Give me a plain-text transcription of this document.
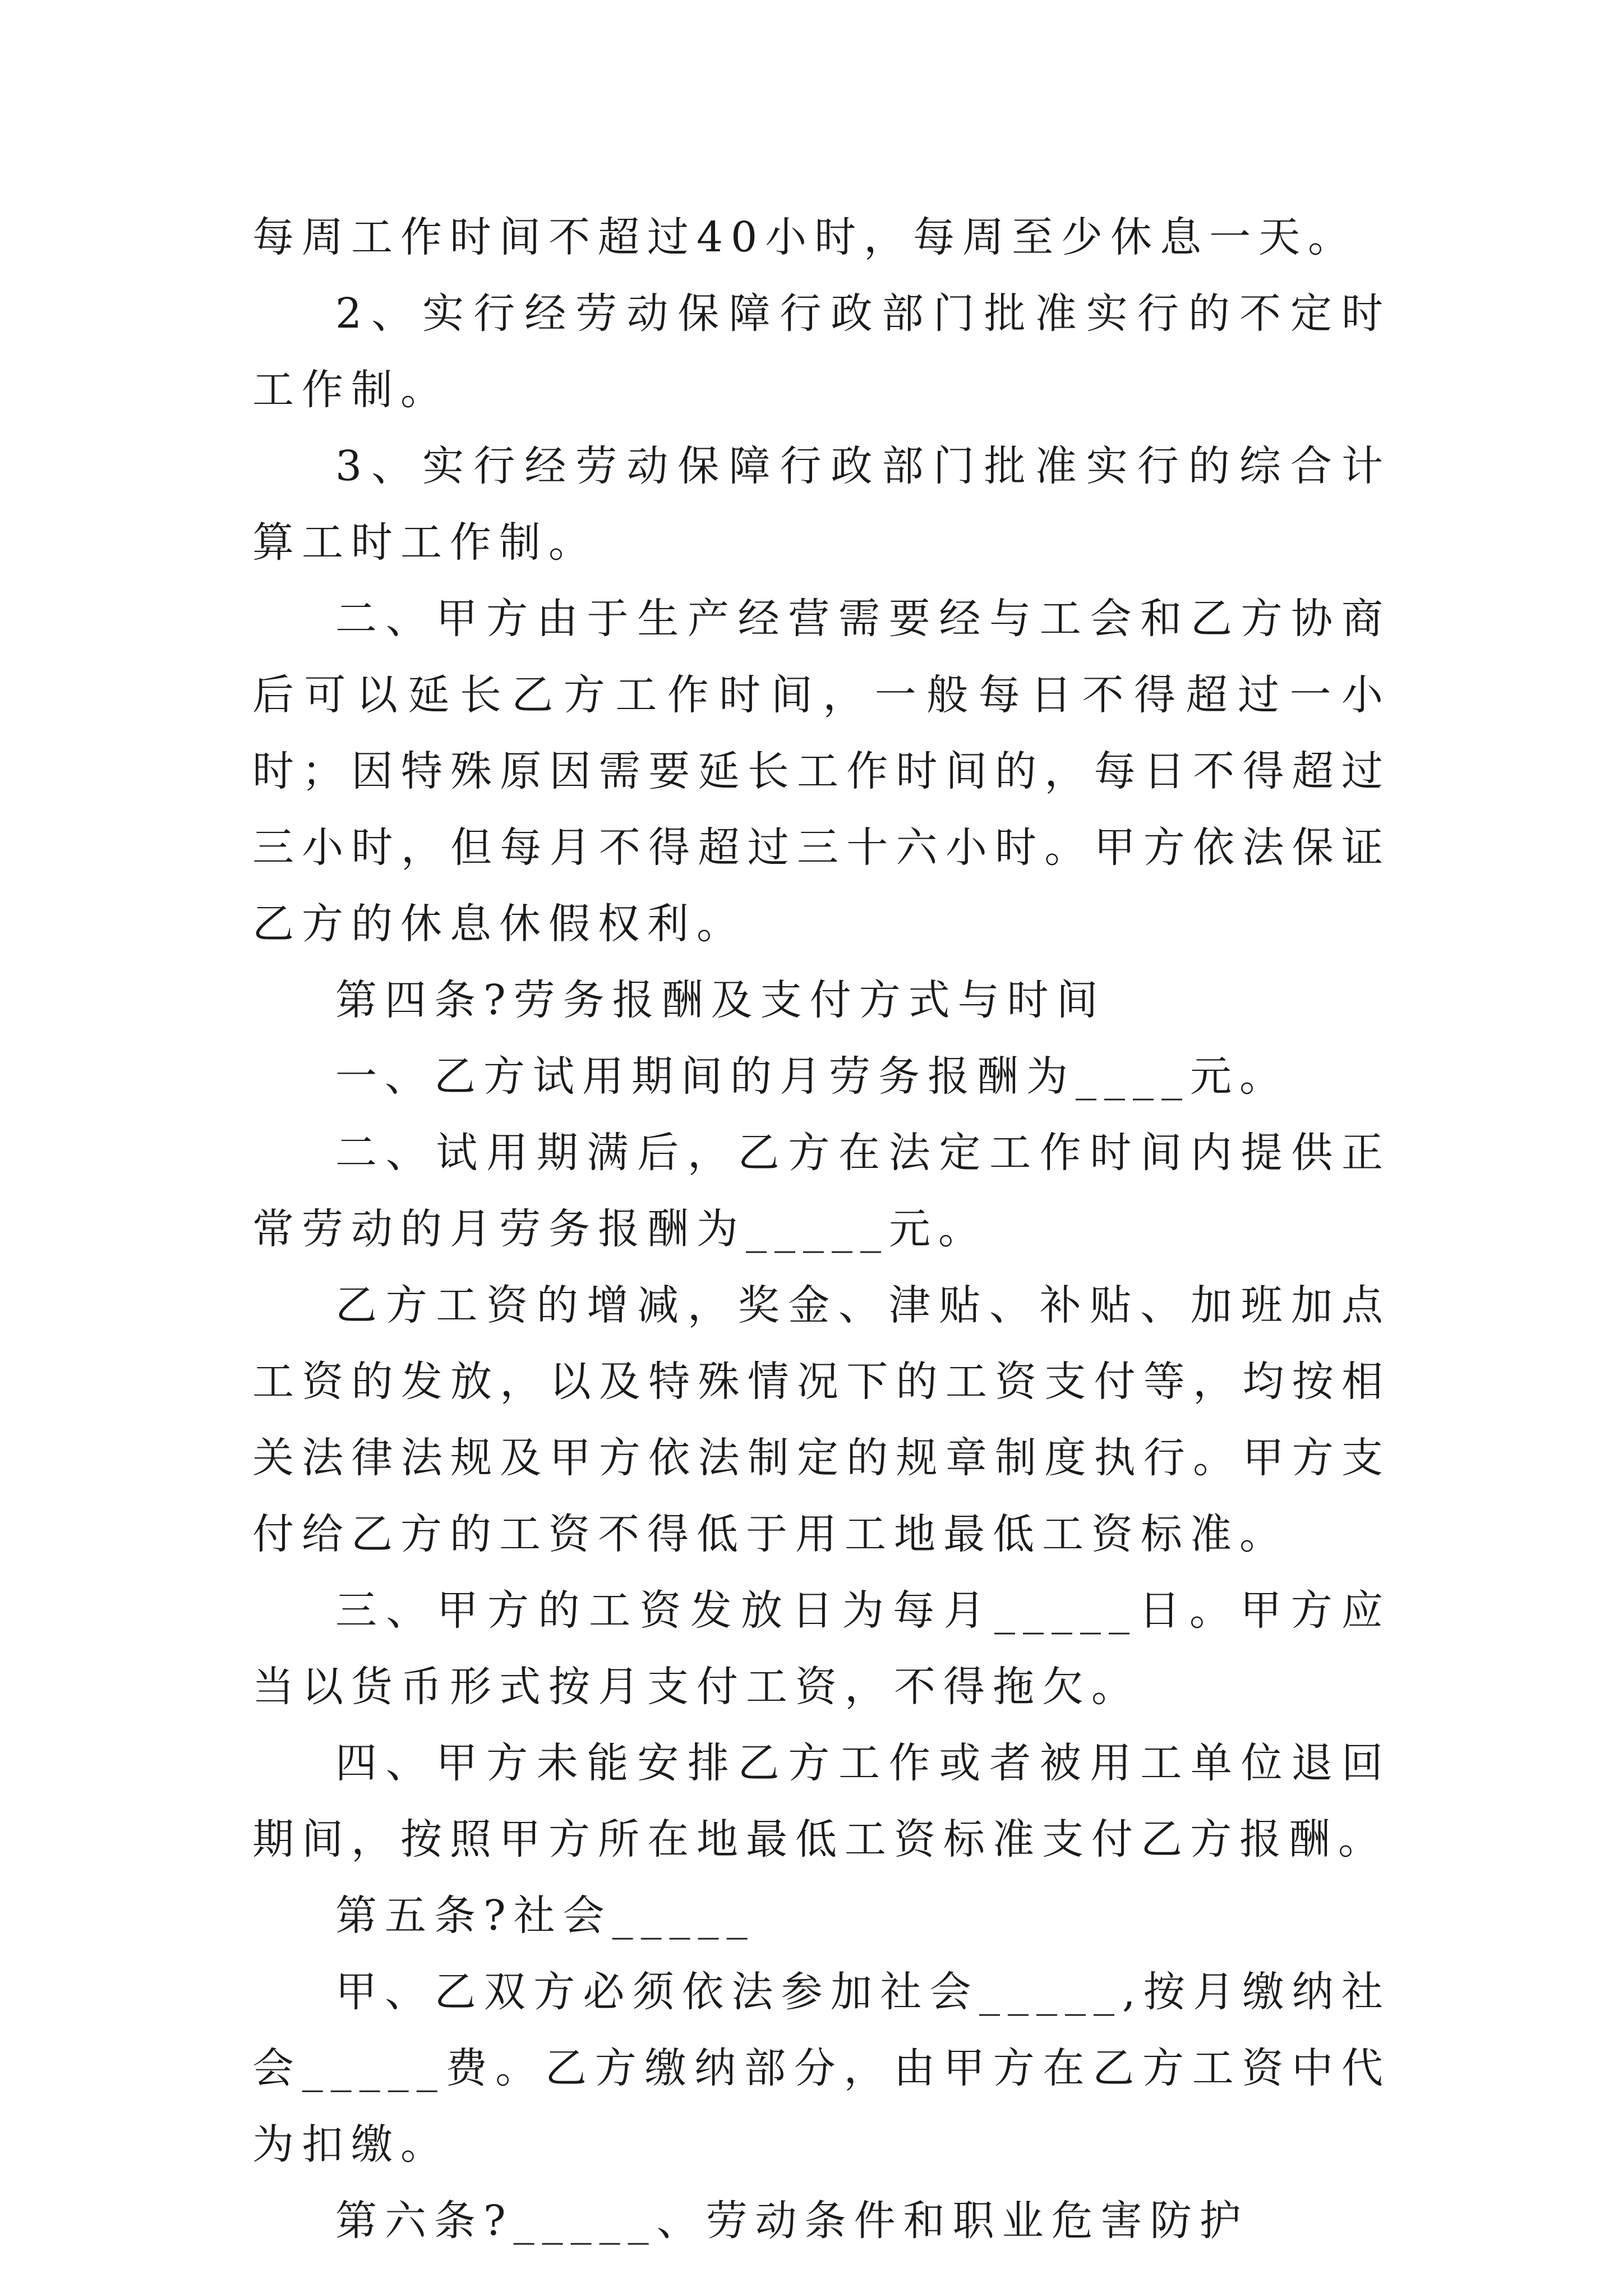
每周工作时间不超过40小时，每周至少休息一天。

2、实行经劳动保障行政部门批准实行的不定时工作制。

3、实行经劳动保障行政部门批准实行的综合计算工时工作制。

二、甲方由于生产经营需要经与工会和乙方协商后可以延长乙方工作时间，一般每日不得超过一小时；因特殊原因需要延长工作时间的，每日不得超过三小时，但每月不得超过三十六小时。甲方依法保证乙方的休息休假权利。

第四条?劳务报酬及支付方式与时间

一、乙方试用期间的月劳务报酬为____元。

二、试用期满后，乙方在法定工作时间内提供正常劳动的月劳务报酬为_____元。

乙方工资的增减，奖金、津贴、补贴、加班加点工资的发放，以及特殊情况下的工资支付等，均按相关法律法规及甲方依法制定的规章制度执行。甲方支付给乙方的工资不得低于用工地最低工资标准。

三、甲方的工资发放日为每月_____日。甲方应当以货币形式按月支付工资，不得拖欠。

四、甲方未能安排乙方工作或者被用工单位退回期间，按照甲方所在地最低工资标准支付乙方报酬。

第五条?社会_____

甲、乙双方必须依法参加社会_____,按月缴纳社会_____费。乙方缴纳部分，由甲方在乙方工资中代为扣缴。

第六条?_____、劳动条件和职业危害防护
